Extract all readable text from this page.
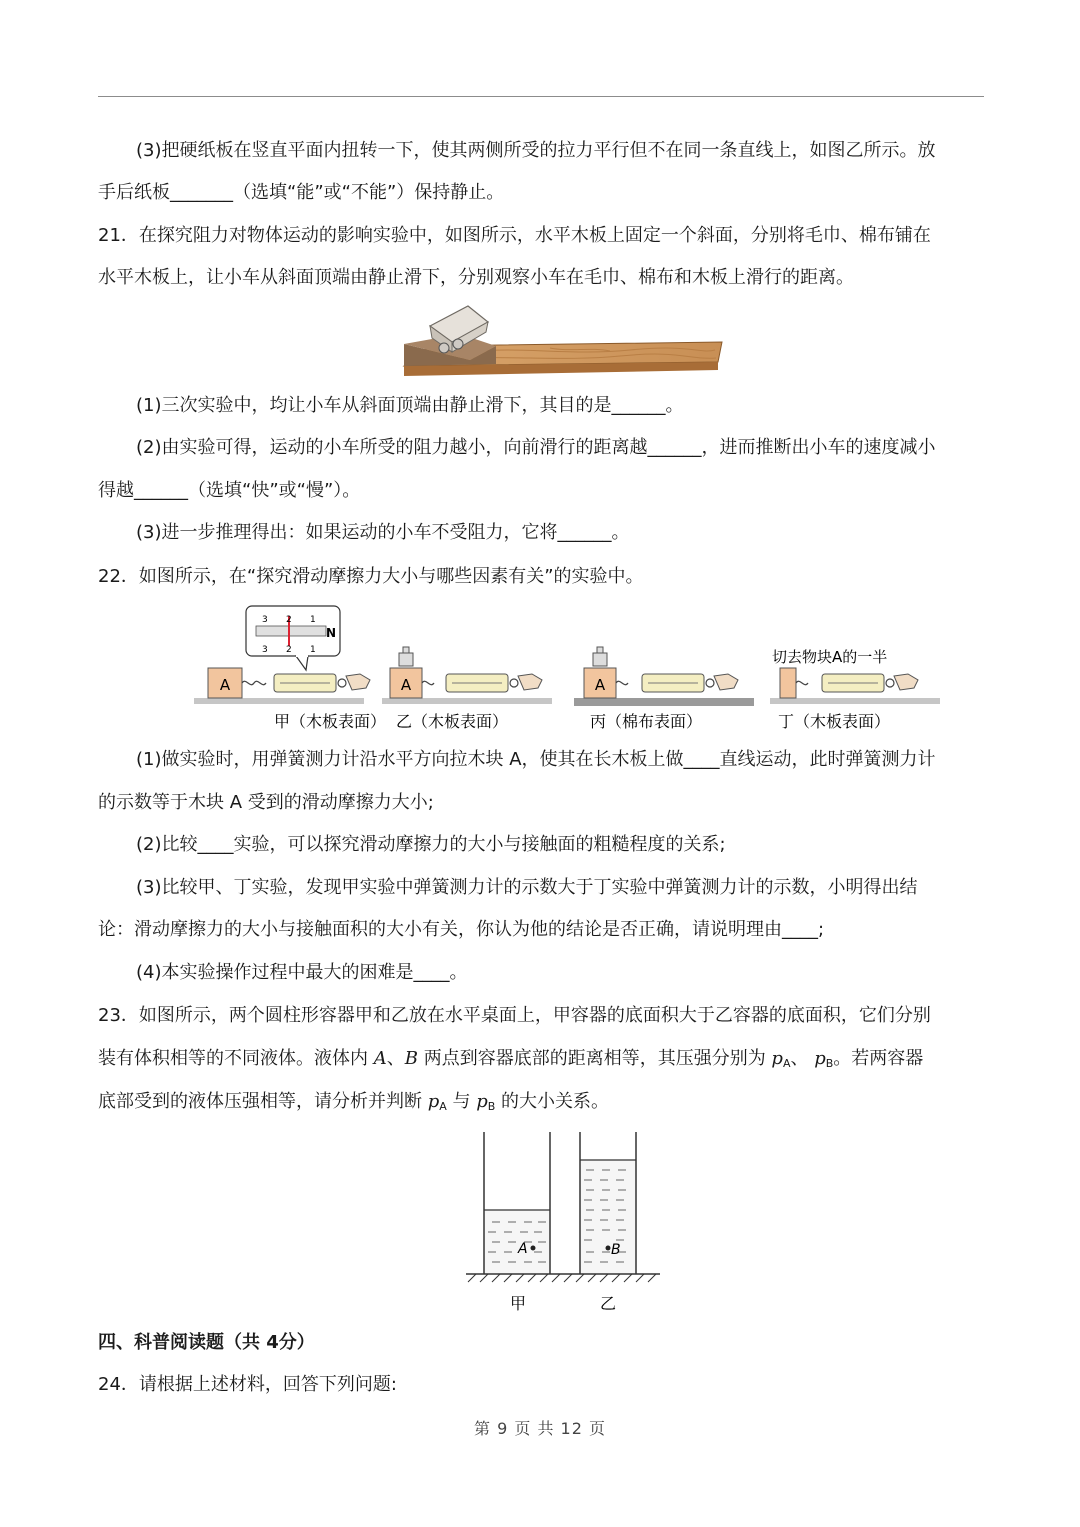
(3)把硬纸板在竖直平面内扭转一下，使其两侧所受的拉力平行但不在同一条直线上，如图乙所示。放
手后纸板_______（选填“能”或“不能”）保持静止。
21．在探究阻力对物体运动的影响实验中，如图所示，水平木板上固定一个斜面，分别将毛巾、棉布铺在
水平木板上，让小车从斜面顶端由静止滑下，分别观察小车在毛巾、棉布和木板上滑行的距离。
(1)三次实验中，均让小车从斜面顶端由静止滑下，其目的是______。
(2)由实验可得，运动的小车所受的阻力越小，向前滑行的距离越______，进而推断出小车的速度减小
得越______（选填“快”或“慢”）。
(3)进一步推理得出：如果运动的小车不受阻力，它将______。
22．如图所示，在“探究滑动摩擦力大小与哪些因素有关”的实验中。
3 2 1
3 2 1
N
A
甲（木板表面）
A
乙（木板表面）
A
丙（棉布表面）
切去物块A的一半
丁（木板表面）
(1)做实验时，用弹簧测力计沿水平方向拉木块 A，使其在长木板上做____直线运动，此时弹簧测力计
的示数等于木块 A 受到的滑动摩擦力大小;
(2)比较____实验，可以探究滑动摩擦力的大小与接触面的粗糙程度的关系;
(3)比较甲、丁实验，发现甲实验中弹簧测力计的示数大于丁实验中弹簧测力计的示数，小明得出结
论：滑动摩擦力的大小与接触面积的大小有关，你认为他的结论是否正确，请说明理由____;
(4)本实验操作过程中最大的困难是____。
23．如图所示，两个圆柱形容器甲和乙放在水平桌面上，甲容器的底面积大于乙容器的底面积，它们分别
装有体积相等的不同液体。液体内 A、B 两点到容器底部的距离相等，其压强分别为 $p_A$、 $p_B$。若两容器
底部受到的液体压强相等，请分析并判断 $p_A$ 与 $p_B$ 的大小关系。
A	B
甲	乙
四、科普阅读题（共 4分）
24．请根据上述材料，回答下列问题:
第 9 页 共 12 页
